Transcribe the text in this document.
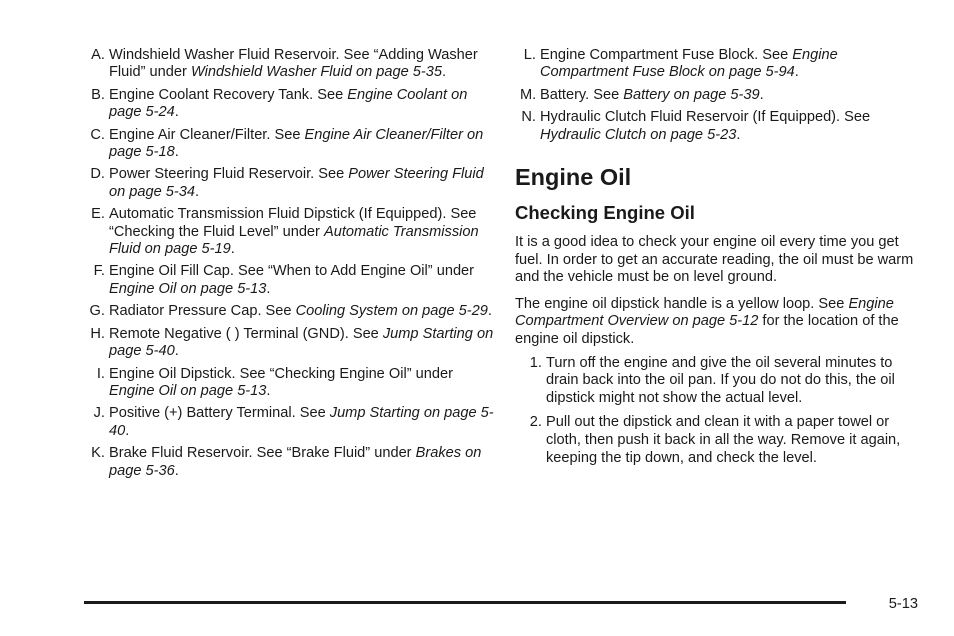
A. Windshield Washer Fluid Reservoir. See “Adding Washer Fluid” under Windshield Washer Fluid on page 5-35.
B. Engine Coolant Recovery Tank. See Engine Coolant on page 5-24.
C. Engine Air Cleaner/Filter. See Engine Air Cleaner/Filter on page 5-18.
D. Power Steering Fluid Reservoir. See Power Steering Fluid on page 5-34.
E. Automatic Transmission Fluid Dipstick (If Equipped). See “Checking the Fluid Level” under Automatic Transmission Fluid on page 5-19.
F. Engine Oil Fill Cap. See “When to Add Engine Oil” under Engine Oil on page 5-13.
G. Radiator Pressure Cap. See Cooling System on page 5-29.
H. Remote Negative ( ) Terminal (GND). See Jump Starting on page 5-40.
I. Engine Oil Dipstick. See “Checking Engine Oil” under Engine Oil on page 5-13.
J. Positive (+) Battery Terminal. See Jump Starting on page 5-40.
K. Brake Fluid Reservoir. See “Brake Fluid” under Brakes on page 5-36.
L. Engine Compartment Fuse Block. See Engine Compartment Fuse Block on page 5-94.
M. Battery. See Battery on page 5-39.
N. Hydraulic Clutch Fluid Reservoir (If Equipped). See Hydraulic Clutch on page 5-23.
Engine Oil
Checking Engine Oil

It is a good idea to check your engine oil every time you get fuel. In order to get an accurate reading, the oil must be warm and the vehicle must be on level ground.

The engine oil dipstick handle is a yellow loop. See Engine Compartment Overview on page 5-12 for the location of the engine oil dipstick.

1. Turn off the engine and give the oil several minutes to drain back into the oil pan. If you do not do this, the oil dipstick might not show the actual level.
2. Pull out the dipstick and clean it with a paper towel or cloth, then push it back in all the way. Remove it again, keeping the tip down, and check the level.
5-13
